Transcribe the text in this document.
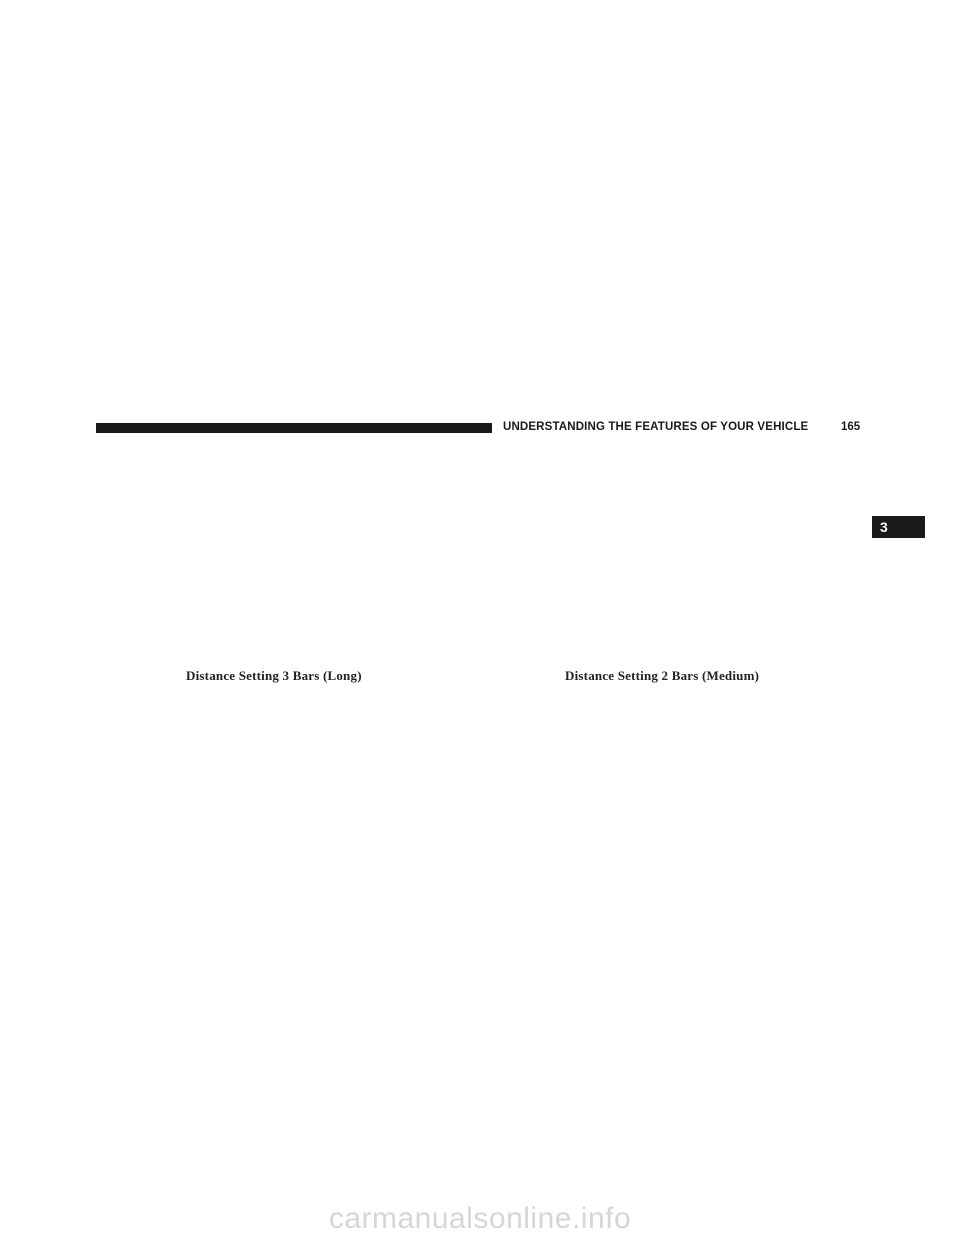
UNDERSTANDING THE FEATURES OF YOUR VEHICLE	165
3
Distance Setting 3 Bars (Long)	Distance Setting 2 Bars (Medium)
carmanualsonline.info
